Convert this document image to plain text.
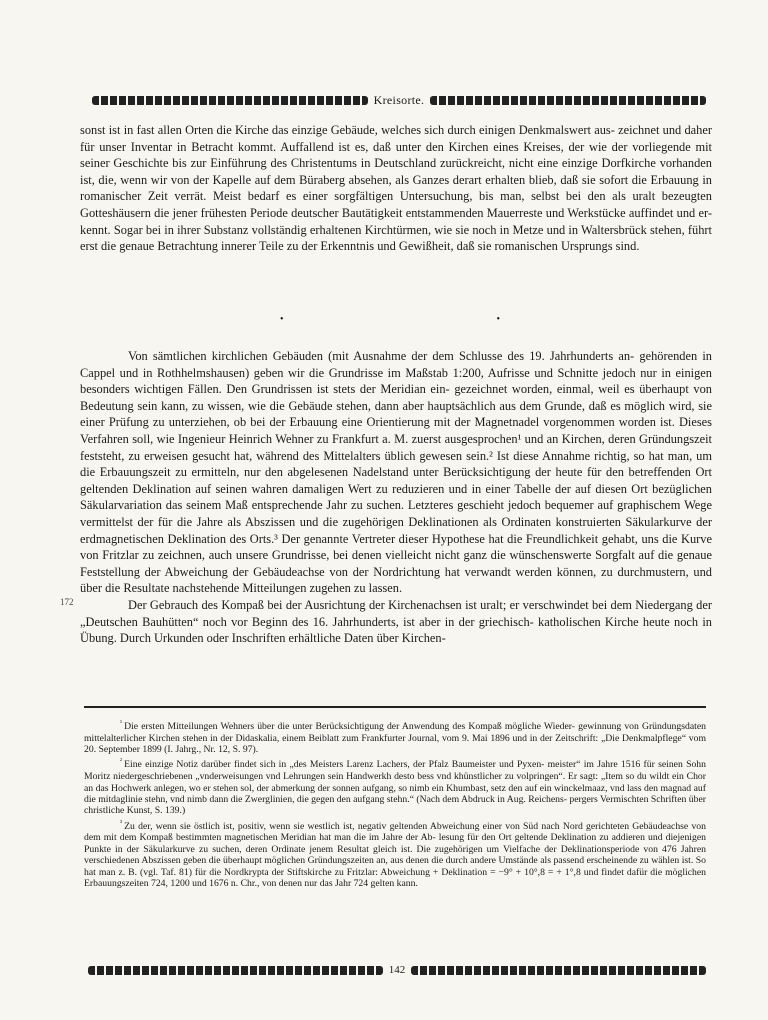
Kreisorte.

sonst ist in fast allen Orten die Kirche das einzige Gebäude, welches sich durch einigen Denkmalswert aus- zeichnet und daher für unser Inventar in Betracht kommt. Auffallend ist es, daß unter den Kirchen eines Kreises, der wie der vorliegende mit seiner Geschichte bis zur Einführung des Christentums in Deutschland zurückreicht, nicht eine einzige Dorfkirche vorhanden ist, die, wenn wir von der Kapelle auf dem Büraberg absehen, als Ganzes derart erhalten blieb, daß sie sofort die Erbauung in romanischer Zeit verrät. Meist bedarf es einer sorgfältigen Untersuchung, bis man, selbst bei den als uralt bezeugten Gotteshäusern die jener frühesten Periode deutscher Bautätigkeit entstammenden Mauerreste und Werkstücke auffindet und er- kennt. Sogar bei in ihrer Substanz vollständig erhaltenen Kirchtürmen, wie sie noch in Metze und in Waltersbrück stehen, führt erst die genaue Betrachtung innerer Teile zu der Erkenntnis und Gewißheit, daß sie romanischen Ursprungs sind.

•	•

Von sämtlichen kirchlichen Gebäuden (mit Ausnahme der dem Schlusse des 19. Jahrhunderts an- gehörenden in Cappel und in Rothhelmshausen) geben wir die Grundrisse im Maßstab 1:200, Aufrisse und Schnitte jedoch nur in einigen besonders wichtigen Fällen. Den Grundrissen ist stets der Meridian ein- gezeichnet worden, einmal, weil es überhaupt von Bedeutung sein kann, zu wissen, wie die Gebäude stehen, dann aber hauptsächlich aus dem Grunde, daß es möglich wird, sie einer Prüfung zu unterziehen, ob bei der Erbauung eine Orientierung mit der Magnetnadel vorgenommen worden ist. Dieses Verfahren soll, wie Ingenieur Heinrich Wehner zu Frankfurt a. M. zuerst ausgesprochen¹ und an Kirchen, deren Gründungszeit feststeht, zu erweisen gesucht hat, während des Mittelalters üblich gewesen sein.² Ist diese Annahme richtig, so hat man, um die Erbauungszeit zu ermitteln, nur den abgelesenen Nadelstand unter Berücksichtigung der heute für den betreffenden Ort geltenden Deklination auf seinen wahren damaligen Wert zu reduzieren und in einer Tabelle der auf diesen Ort bezüglichen Säkularvariation das seinem Maß entsprechende Jahr zu suchen. Letzteres geschieht jedoch bequemer auf graphischem Wege vermittelst der für die Jahre als Abszissen und die zugehörigen Deklinationen als Ordinaten konstruierten Säkularkurve der erdmagnetischen Deklination des Orts.³ Der genannte Vertreter dieser Hypothese hat die Freundlichkeit gehabt, uns die Kurve von Fritzlar zu zeichnen, auch unsere Grundrisse, bei denen vielleicht nicht ganz die wünschenswerte Sorgfalt auf die genaue Feststellung der Abweichung der Gebäudeachse von der Nordrichtung hat verwandt werden können, zu durchmustern, und über die Resultate nachstehende Mitteilungen zugehen zu lassen.

Der Gebrauch des Kompaß bei der Ausrichtung der Kirchenachsen ist uralt; er verschwindet bei dem Niedergang der „Deutschen Bauhütten“ noch vor Beginn des 16. Jahrhunderts, ist aber in der griechisch- katholischen Kirche heute noch in Übung. Durch Urkunden oder Inschriften erhältliche Daten über Kirchen-

172

$^{^1}$ Die ersten Mitteilungen Wehners über die unter Berücksichtigung der Anwendung des Kompaß mögliche Wieder- gewinnung von Gründungsdaten mittelalterlicher Kirchen stehen in der Didaskalia, einem Beiblatt zum Frankfurter Journal, vom 9. Mai 1896 und in der Zeitschrift: „Die Denkmalpflege“ vom 20. September 1899 (I. Jahrg., Nr. 12, S. 97).

$^{^2}$ Eine einzige Notiz darüber findet sich in „des Meisters Larenz Lachers, der Pfalz Baumeister und Pyxen- meister“ im Jahre 1516 für seinen Sohn Moritz niedergeschriebenen „vnderweisungen vnd Lehrungen sein Handwerkh desto bess vnd khünstlicher zu volpringen“. Er sagt: „Item so du wildt ein Chor an das Hochwerk anlegen, wo er stehen sol, der abmerkung der sonnen aufgang, so nimb ein Khumbast, setz den auf ein winckelmaaz, vnd lass den magnad auf die mitdaglinie stehn, vnd nimb dann die Zwerglinien, die gegen den aufgang stehn.“ (Nach dem Abdruck in Aug. Reichens- pergers Vermischten Schriften über christliche Kunst, S. 139.)

$^{^3}$ Zu der, wenn sie östlich ist, positiv, wenn sie westlich ist, negativ geltenden Abweichung einer von Süd nach Nord gerichteten Gebäudeachse von dem mit dem Kompaß bestimmten magnetischen Meridian hat man die im Jahre der Ab- lesung für den Ort geltende Deklination zu addieren und diejenigen Punkte in der Säkularkurve zu suchen, deren Ordinate jenem Resultat gleich ist. Die zugehörigen um Vielfache der Deklinationsperiode von 476 Jahren verschiedenen Abszissen geben die überhaupt möglichen Gründungszeiten an, aus denen die durch andere Umstände als passend erscheinende zu wählen ist. So hat man z. B. (vgl. Taf. 81) für die Nordkrypta der Stiftskirche zu Fritzlar: Abweichung + Deklination = −9° + 10°,8 = + 1°,8 und findet dafür die möglichen Erbauungszeiten 724, 1200 und 1676 n. Chr., von denen nur das Jahr 724 gelten kann.

142
